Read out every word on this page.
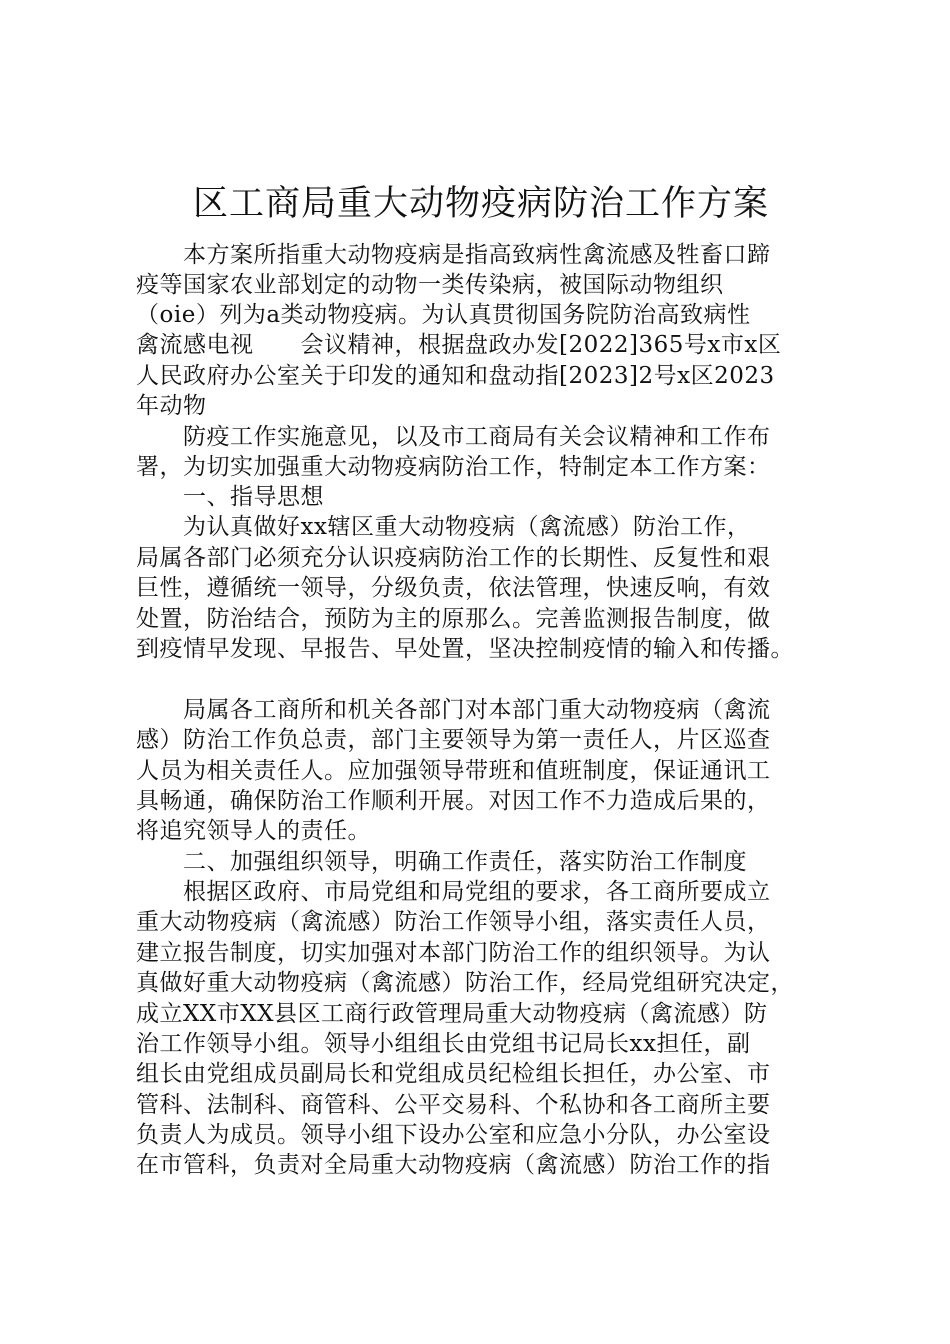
区工商局重大动物疫病防治工作方案
　　本方案所指重大动物疫病是指高致病性禽流感及牲畜口蹄
疫等国家农业部划定的动物一类传染病，被国际动物组织
（oie）列为a类动物疫病。为认真贯彻国务院防治高致病性
禽流感电视　　会议精神，根据盘政办发[2022]365号x市x区
人民政府办公室关于印发的通知和盘动指[2023]2号x区2023
年动物
　　防疫工作实施意见，以及市工商局有关会议精神和工作布
署，为切实加强重大动物疫病防治工作，特制定本工作方案：
　　一、指导思想
　　为认真做好xx辖区重大动物疫病（禽流感）防治工作，
局属各部门必须充分认识疫病防治工作的长期性、反复性和艰
巨性，遵循统一领导，分级负责，依法管理，快速反响，有效
处置，防治结合，预防为主的原那么。完善监测报告制度，做
到疫情早发现、早报告、早处置，坚决控制疫情的输入和传播。
　　局属各工商所和机关各部门对本部门重大动物疫病（禽流
感）防治工作负总责，部门主要领导为第一责任人，片区巡查
人员为相关责任人。应加强领导带班和值班制度，保证通讯工
具畅通，确保防治工作顺利开展。对因工作不力造成后果的，
将追究领导人的责任。
　　二、加强组织领导，明确工作责任，落实防治工作制度
　　根据区政府、市局党组和局党组的要求，各工商所要成立
重大动物疫病（禽流感）防治工作领导小组，落实责任人员，
建立报告制度，切实加强对本部门防治工作的组织领导。为认
真做好重大动物疫病（禽流感）防治工作，经局党组研究决定，
成立XX市XX县区工商行政管理局重大动物疫病（禽流感）防
治工作领导小组。领导小组组长由党组书记局长xx担任，副
组长由党组成员副局长和党组成员纪检组长担任，办公室、市
管科、法制科、商管科、公平交易科、个私协和各工商所主要
负责人为成员。领导小组下设办公室和应急小分队，办公室设
在市管科，负责对全局重大动物疫病（禽流感）防治工作的指
